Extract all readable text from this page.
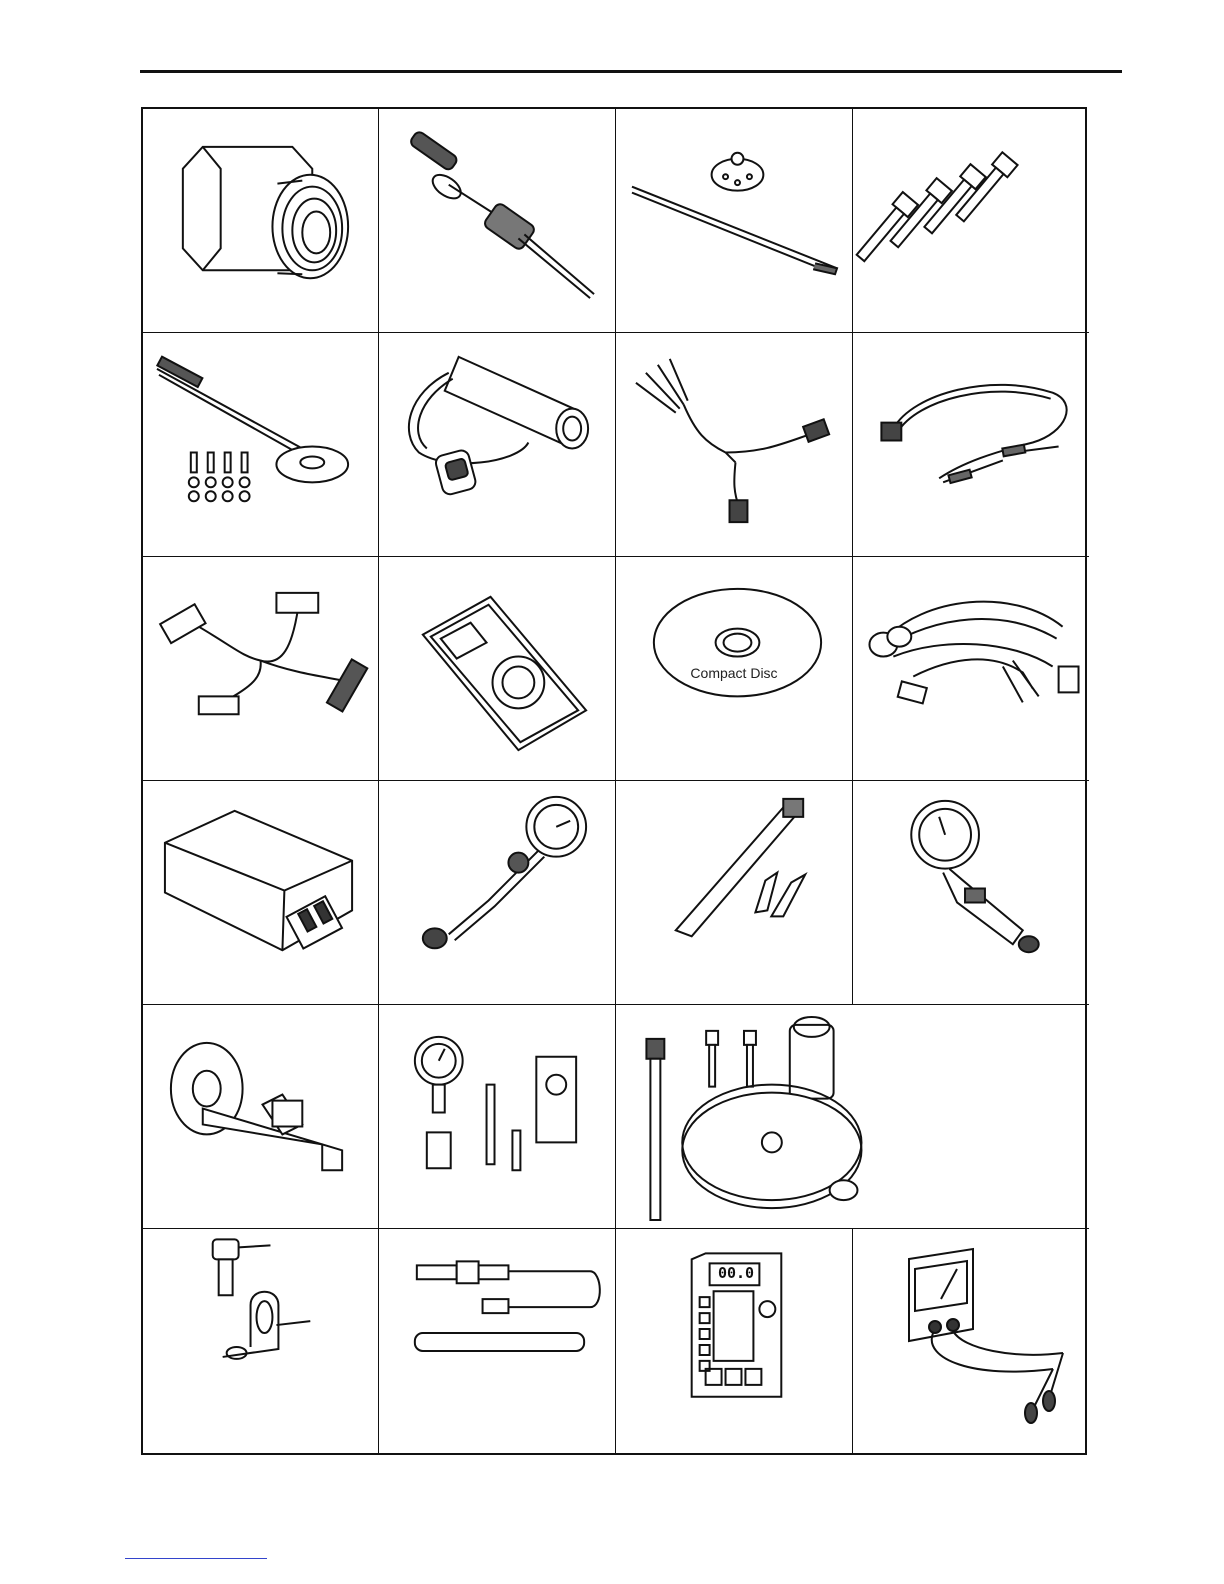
Compact Disc
00.0
